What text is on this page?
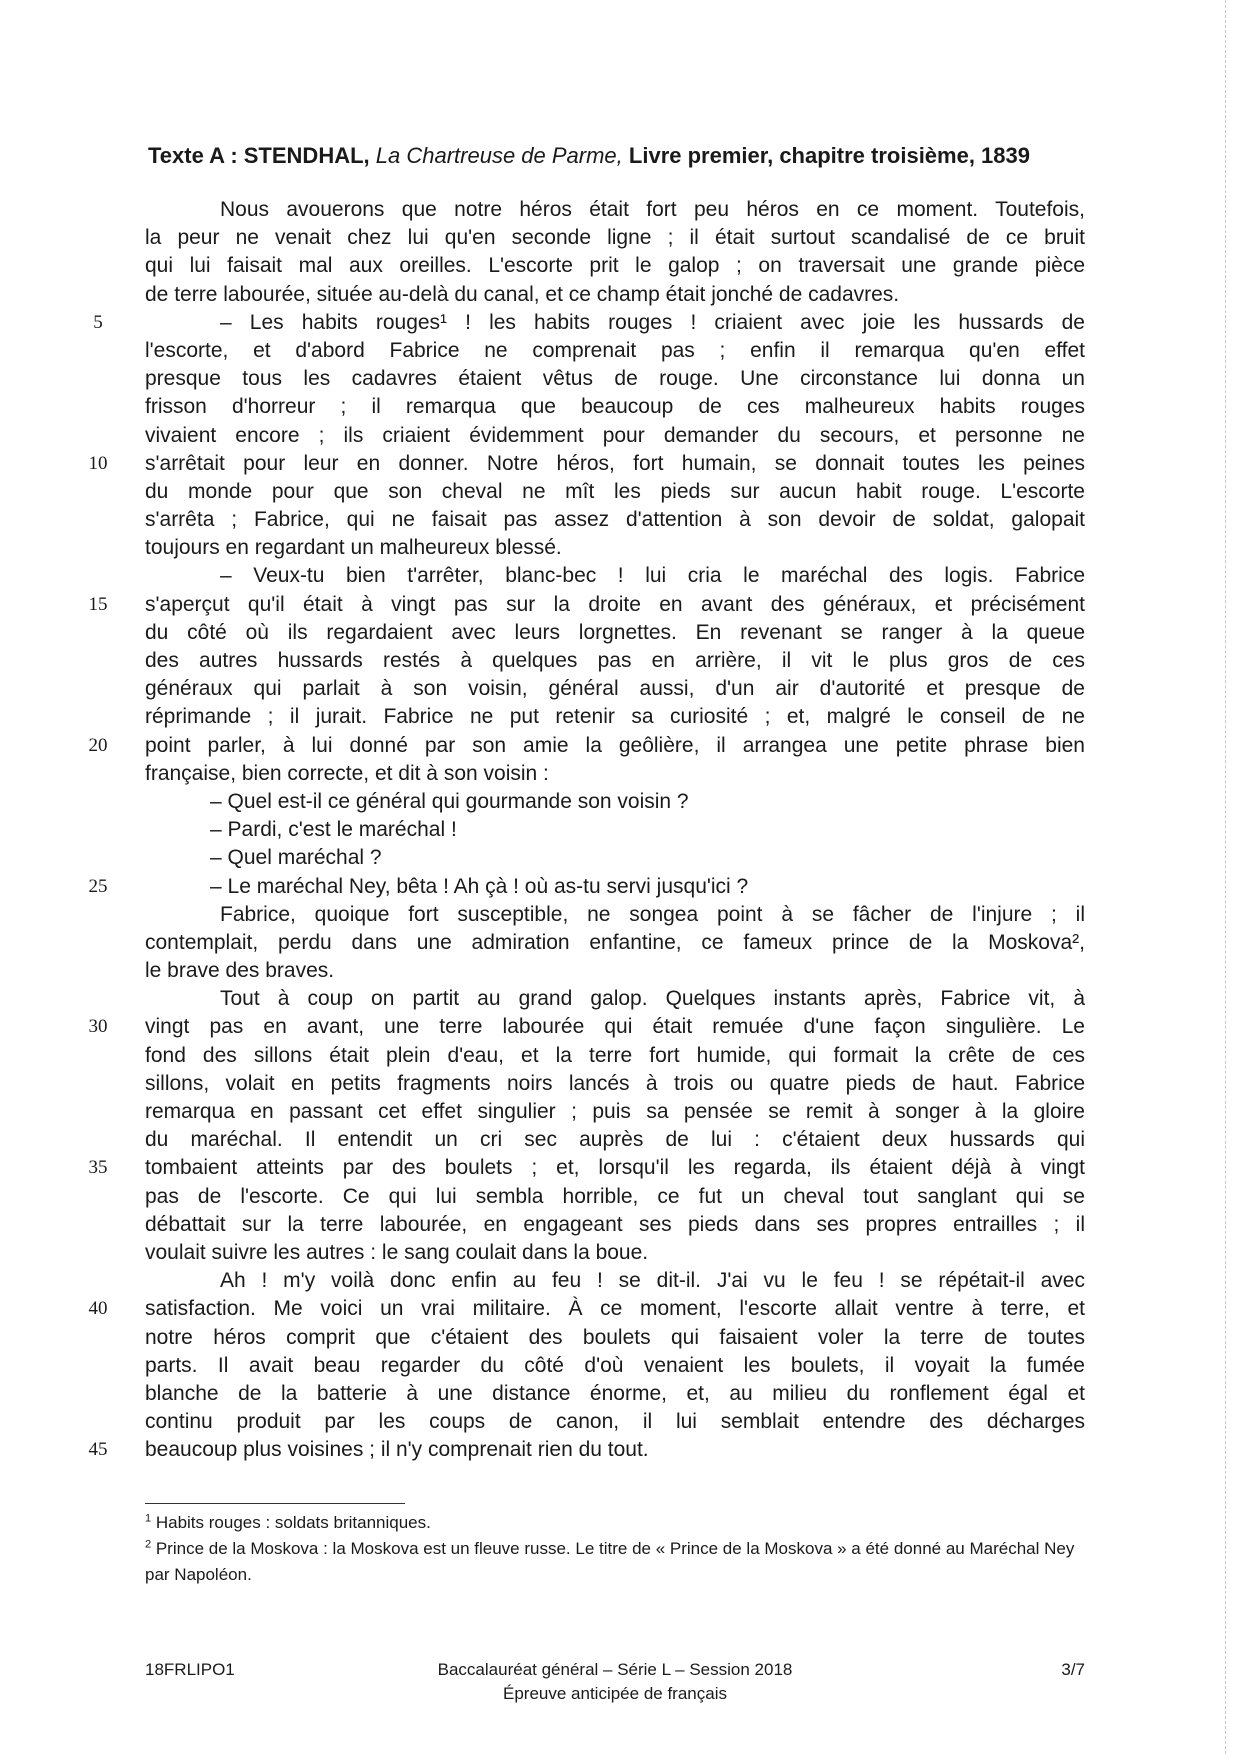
Texte A : STENDHAL, La Chartreuse de Parme, Livre premier, chapitre troisième, 1839
Nous avouerons que notre héros était fort peu héros en ce moment. Toutefois,
la peur ne venait chez lui qu'en seconde ligne ; il était surtout scandalisé de ce bruit
qui lui faisait mal aux oreilles. L'escorte prit le galop ; on traversait une grande pièce
de terre labourée, située au-delà du canal, et ce champ était jonché de cadavres.
5	– Les habits rouges¹ ! les habits rouges ! criaient avec joie les hussards de
l'escorte, et d'abord Fabrice ne comprenait pas ; enfin il remarqua qu'en effet
presque tous les cadavres étaient vêtus de rouge. Une circonstance lui donna un
frisson d'horreur ; il remarqua que beaucoup de ces malheureux habits rouges
vivaient encore ; ils criaient évidemment pour demander du secours, et personne ne
10 s'arrêtait pour leur en donner. Notre héros, fort humain, se donnait toutes les peines
du monde pour que son cheval ne mît les pieds sur aucun habit rouge. L'escorte
s'arrêta ; Fabrice, qui ne faisait pas assez d'attention à son devoir de soldat, galopait
toujours en regardant un malheureux blessé.
– Veux-tu bien t'arrêter, blanc-bec ! lui cria le maréchal des logis. Fabrice
15 s'aperçut qu'il était à vingt pas sur la droite en avant des généraux, et précisément
du côté où ils regardaient avec leurs lorgnettes. En revenant se ranger à la queue
des autres hussards restés à quelques pas en arrière, il vit le plus gros de ces
généraux qui parlait à son voisin, général aussi, d'un air d'autorité et presque de
réprimande ; il jurait. Fabrice ne put retenir sa curiosité ; et, malgré le conseil de ne
20 point parler, à lui donné par son amie la geôlière, il arrangea une petite phrase bien
française, bien correcte, et dit à son voisin :
– Quel est-il ce général qui gourmande son voisin ?
– Pardi, c'est le maréchal !
– Quel maréchal ?
25	– Le maréchal Ney, bêta ! Ah çà ! où as-tu servi jusqu'ici ?
Fabrice, quoique fort susceptible, ne songea point à se fâcher de l'injure ; il
contemplait, perdu dans une admiration enfantine, ce fameux prince de la Moskova²,
le brave des braves.
Tout à coup on partit au grand galop. Quelques instants après, Fabrice vit, à
30 vingt pas en avant, une terre labourée qui était remuée d'une façon singulière. Le
fond des sillons était plein d'eau, et la terre fort humide, qui formait la crête de ces
sillons, volait en petits fragments noirs lancés à trois ou quatre pieds de haut. Fabrice
remarqua en passant cet effet singulier ; puis sa pensée se remit à songer à la gloire
du maréchal. Il entendit un cri sec auprès de lui : c'étaient deux hussards qui
35 tombaient atteints par des boulets ; et, lorsqu'il les regarda, ils étaient déjà à vingt
pas de l'escorte. Ce qui lui sembla horrible, ce fut un cheval tout sanglant qui se
débattait sur la terre labourée, en engageant ses pieds dans ses propres entrailles ; il
voulait suivre les autres : le sang coulait dans la boue.
Ah ! m'y voilà donc enfin au feu ! se dit-il. J'ai vu le feu ! se répétait-il avec
40 satisfaction. Me voici un vrai militaire. À ce moment, l'escorte allait ventre à terre, et
notre héros comprit que c'étaient des boulets qui faisaient voler la terre de toutes
parts. Il avait beau regarder du côté d'où venaient les boulets, il voyait la fumée
blanche de la batterie à une distance énorme, et, au milieu du ronflement égal et
continu produit par les coups de canon, il lui semblait entendre des décharges
45 beaucoup plus voisines ; il n'y comprenait rien du tout.
$^1$ Habits rouges : soldats britanniques.
$^2$ Prince de la Moskova : la Moskova est un fleuve russe. Le titre de « Prince de la Moskova » a été donné au Maréchal Ney par Napoléon.
18FRLIPO1	Baccalauréat général – Série L – Session 2018
Épreuve anticipée de français
3/7
